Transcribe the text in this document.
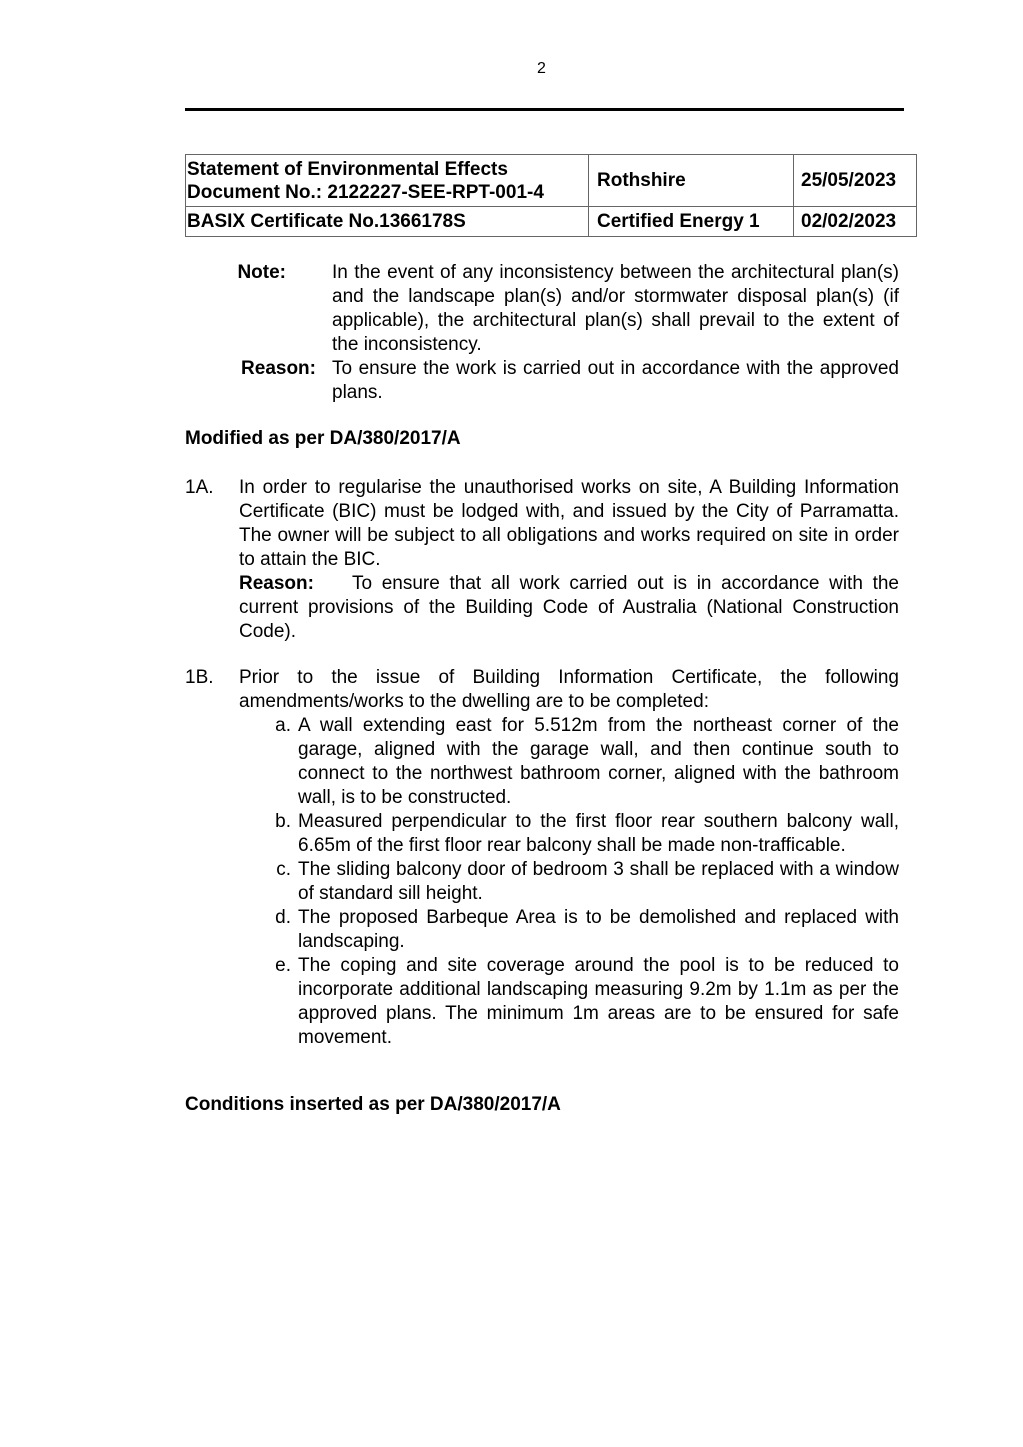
2
Statement of Environmental Effects
Document No.: 2122227-SEE-RPT-001-4	Rothshire	25/05/2023
BASIX Certificate No.1366178S	Certified Energy 1	02/02/2023
Note: In the event of any inconsistency between the architectural plan(s) and the landscape plan(s) and/or stormwater disposal plan(s) (if applicable), the architectural plan(s) shall prevail to the extent of the inconsistency.
Reason: To ensure the work is carried out in accordance with the approved plans.
Modified as per DA/380/2017/A
1A. In order to regularise the unauthorised works on site, A Building Information Certificate (BIC) must be lodged with, and issued by the City of Parramatta. The owner will be subject to all obligations and works required on site in order to attain the BIC.
Reason: To ensure that all work carried out is in accordance with the current provisions of the Building Code of Australia (National Construction Code).
1B. Prior to the issue of Building Information Certificate, the following amendments/works to the dwelling are to be completed:
a. A wall extending east for 5.512m from the northeast corner of the garage, aligned with the garage wall, and then continue south to connect to the northwest bathroom corner, aligned with the bathroom wall, is to be constructed.
b. Measured perpendicular to the first floor rear southern balcony wall, 6.65m of the first floor rear balcony shall be made non-trafficable.
c. The sliding balcony door of bedroom 3 shall be replaced with a window of standard sill height.
d. The proposed Barbeque Area is to be demolished and replaced with landscaping.
e. The coping and site coverage around the pool is to be reduced to incorporate additional landscaping measuring 9.2m by 1.1m as per the approved plans. The minimum 1m areas are to be ensured for safe movement.
Conditions inserted as per DA/380/2017/A
